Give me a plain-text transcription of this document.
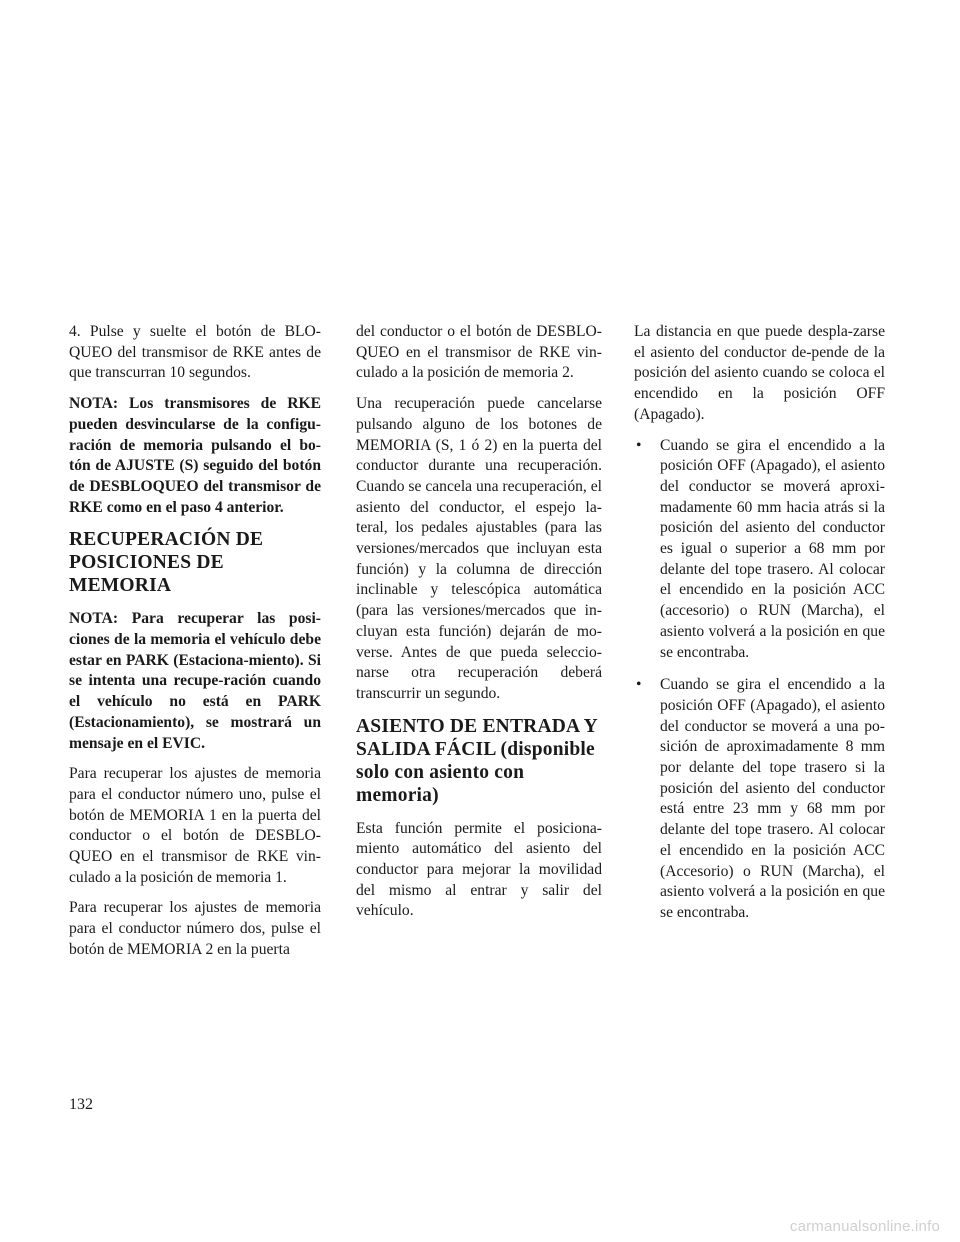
4. Pulse y suelte el botón de BLO-QUEO del transmisor de RKE antes de que transcurran 10 segundos.

NOTA: Los transmisores de RKE pueden desvincularse de la configu-ración de memoria pulsando el bo-tón de AJUSTE (S) seguido del botón de DESBLOQUEO del transmisor de RKE como en el paso 4 anterior.

RECUPERACIÓN DE POSICIONES DE MEMORIA

NOTA: Para recuperar las posi-ciones de la memoria el vehículo debe estar en PARK (Estaciona-miento). Si se intenta una recupe-ración cuando el vehículo no está en PARK (Estacionamiento), se mostrará un mensaje en el EVIC.

Para recuperar los ajustes de memoria para el conductor número uno, pulse el botón de MEMORIA 1 en la puerta del conductor o el botón de DESBLO-QUEO en el transmisor de RKE vin-culado a la posición de memoria 1.

Para recuperar los ajustes de memoria para el conductor número dos, pulse el botón de MEMORIA 2 en la puerta

del conductor o el botón de DESBLO-QUEO en el transmisor de RKE vin-culado a la posición de memoria 2.

Una recuperación puede cancelarse pulsando alguno de los botones de MEMORIA (S, 1 ó 2) en la puerta del conductor durante una recuperación. Cuando se cancela una recuperación, el asiento del conductor, el espejo la-teral, los pedales ajustables (para las versiones/mercados que incluyan esta función) y la columna de dirección inclinable y telescópica automática (para las versiones/mercados que in-cluyan esta función) dejarán de mo-verse. Antes de que pueda seleccio-narse otra recuperación deberá transcurrir un segundo.

ASIENTO DE ENTRADA Y SALIDA FÁCIL (disponible solo con asiento con memoria)

Esta función permite el posiciona-miento automático del asiento del conductor para mejorar la movilidad del mismo al entrar y salir del vehículo.

La distancia en que puede despla-zarse el asiento del conductor de-pende de la posición del asiento cuando se coloca el encendido en la posición OFF (Apagado).

• Cuando se gira el encendido a la posición OFF (Apagado), el asiento del conductor se moverá aproxi-madamente 60 mm hacia atrás si la posición del asiento del conductor es igual o superior a 68 mm por delante del tope trasero. Al colocar el encendido en la posición ACC (accesorio) o RUN (Marcha), el asiento volverá a la posición en que se encontraba.
• Cuando se gira el encendido a la posición OFF (Apagado), el asiento del conductor se moverá a una po-sición de aproximadamente 8 mm por delante del tope trasero si la posición del asiento del conductor está entre 23 mm y 68 mm por delante del tope trasero. Al colocar el encendido en la posición ACC (Accesorio) o RUN (Marcha), el asiento volverá a la posición en que se encontraba.
132
carmanualsonline.info
